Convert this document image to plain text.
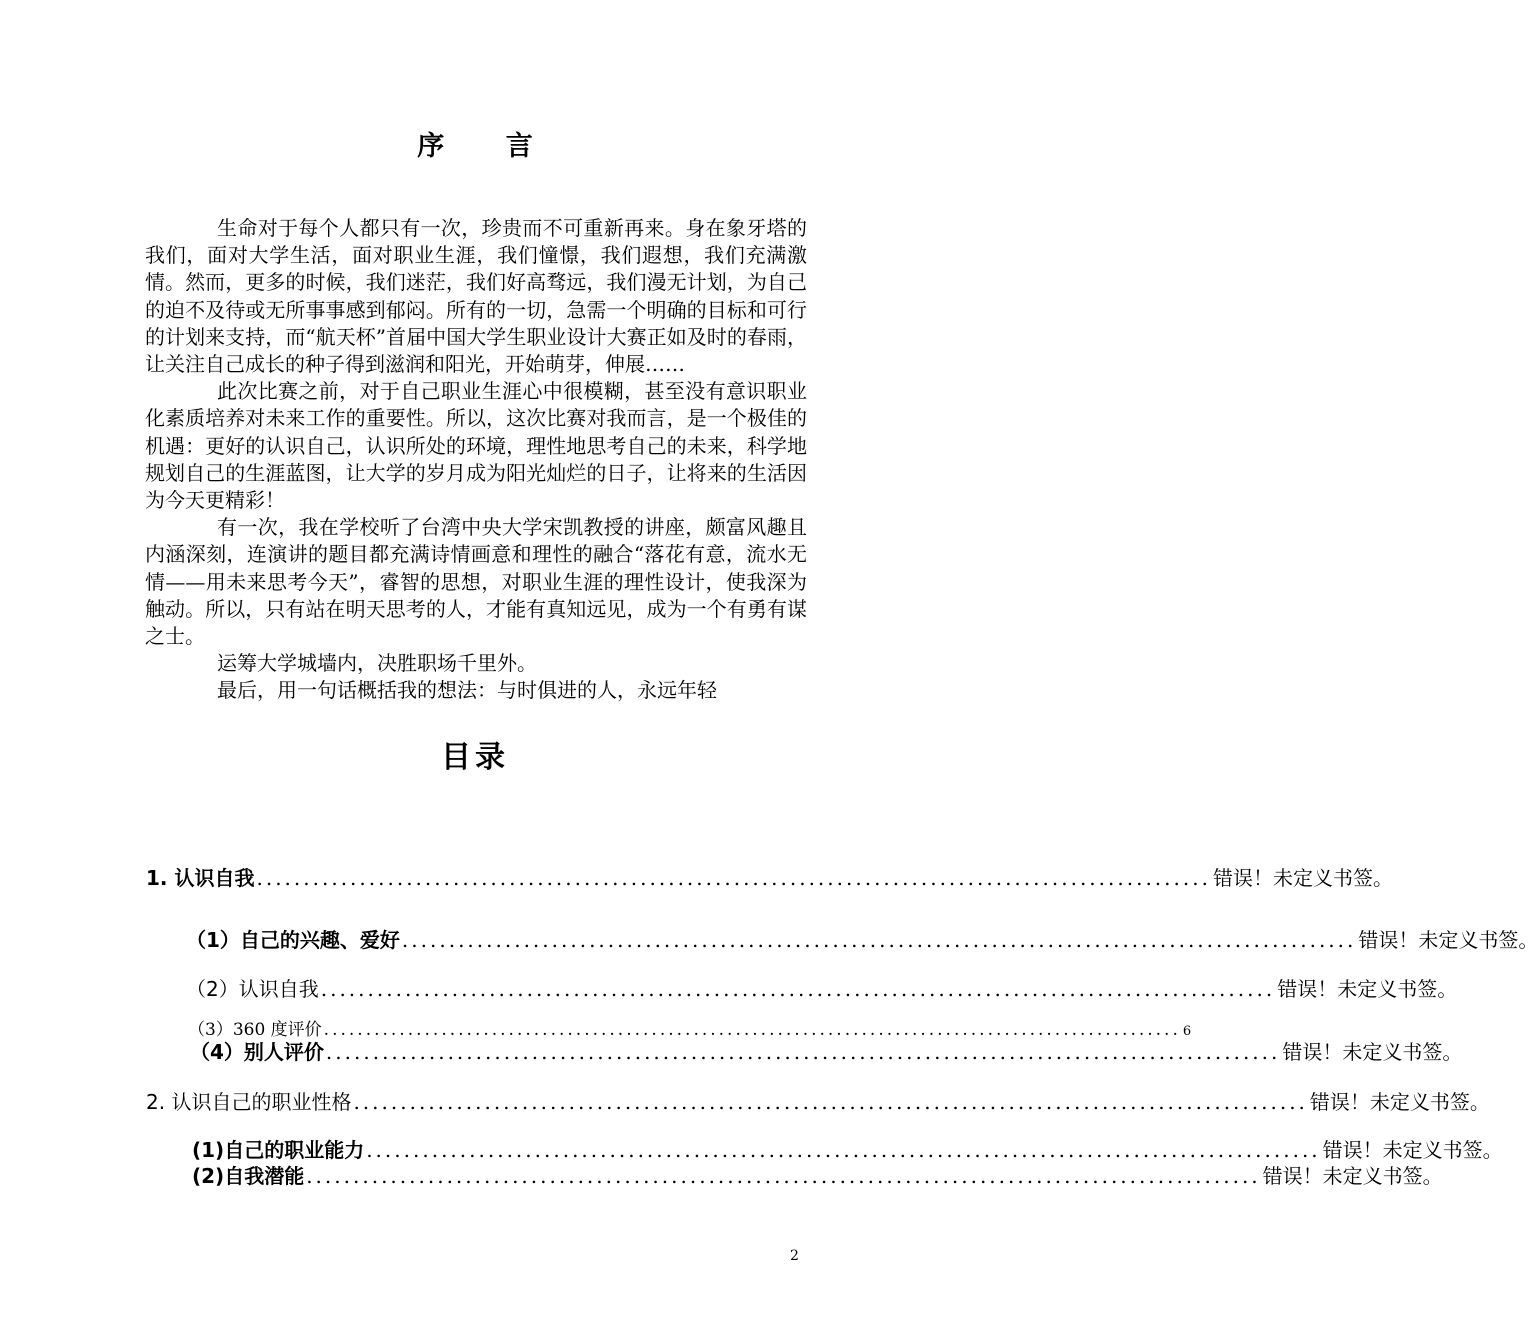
序 言

生命对于每个人都只有一次，珍贵而不可重新再来。身在象牙塔的我们，面对大学生活，面对职业生涯，我们憧憬，我们遐想，我们充满激情。然而，更多的时候，我们迷茫，我们好高骛远，我们漫无计划，为自己的迫不及待或无所事事感到郁闷。所有的一切，急需一个明确的目标和可行的计划来支持，而“航天杯”首届中国大学生职业设计大赛正如及时的春雨，让关注自己成长的种子得到滋润和阳光，开始萌芽，伸展……

此次比赛之前，对于自己职业生涯心中很模糊，甚至没有意识职业化素质培养对未来工作的重要性。所以，这次比赛对我而言，是一个极佳的机遇：更好的认识自己，认识所处的环境，理性地思考自己的未来，科学地规划自己的生涯蓝图，让大学的岁月成为阳光灿烂的日子，让将来的生活因为今天更精彩！

有一次，我在学校听了台湾中央大学宋凯教授的讲座，颇富风趣且内涵深刻，连演讲的题目都充满诗情画意和理性的融合“落花有意，流水无情——用未来思考今天”，睿智的思想，对职业生涯的理性设计，使我深为触动。所以，只有站在明天思考的人，才能有真知远见，成为一个有勇有谋之士。

运筹大学城墙内，决胜职场千里外。

最后，用一句话概括我的想法：与时俱进的人，永远年轻

目录
1. 认识自我 ...................................................................................................... 错误！未定义书签。
（1）自己的兴趣、爱好 ...................................................................................................... 错误！未定义书签。
（2）认识自我 ...................................................................................................... 错误！未定义书签。
（3）360 度评价 ...................................................................................................... 6
（4）别人评价 ...................................................................................................... 错误！未定义书签。
2. 认识自己的职业性格 ...................................................................................................... 错误！未定义书签。
(1)自己的职业能力 ...................................................................................................... 错误！未定义书签。
(2)自我潜能 ...................................................................................................... 错误！未定义书签。
2
